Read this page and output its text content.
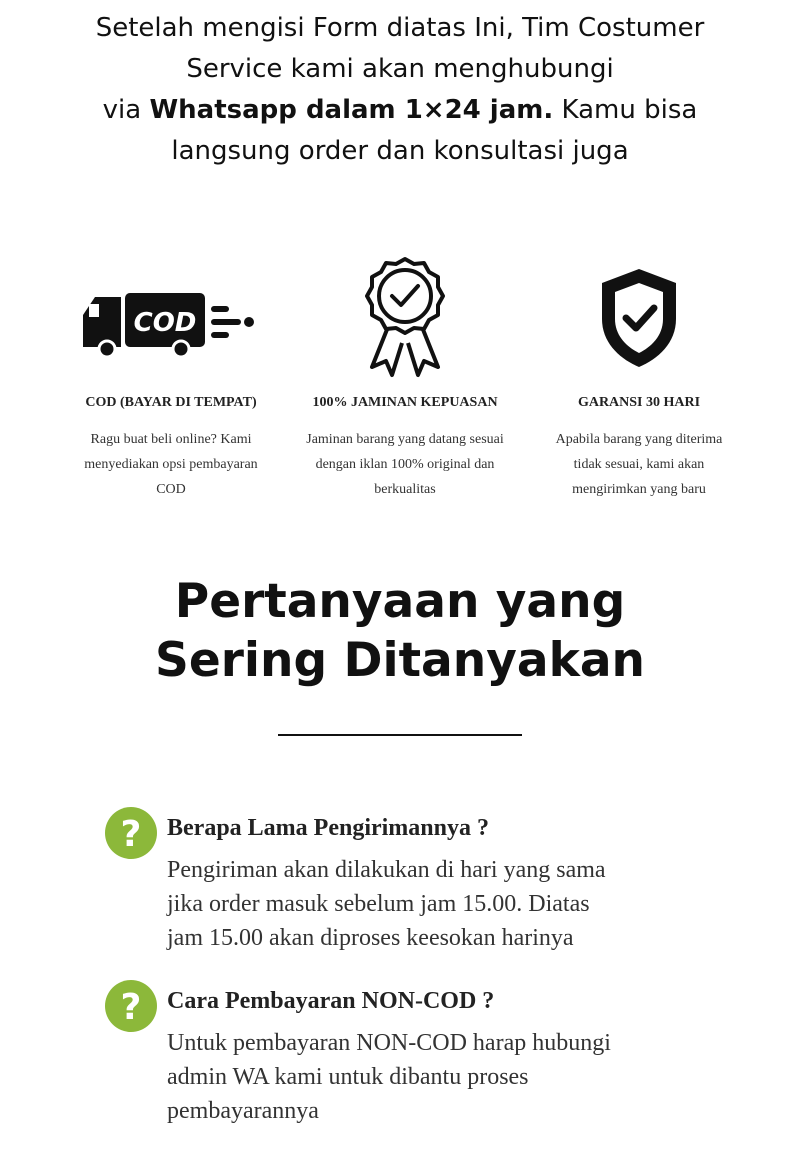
Setelah mengisi Form diatas Ini, Tim Costumer

Service kami akan menghubungi

via Whatsapp dalam 1×24 jam. Kamu bisa

langsung order dan konsultasi juga

COD
COD (BAYAR DI TEMPAT)
Ragu buat beli online? Kami
menyediakan opsi pembayaran
COD
100% JAMINAN KEPUASAN
Jaminan barang yang datang sesuai
dengan iklan 100% original dan
berkualitas
GARANSI 30 HARI
Apabila barang yang diterima
tidak sesuai, kami akan
mengirimkan yang baru

Pertanyaan yang

Sering Ditanyakan

? Berapa Lama Pengirimannya ?

Pengiriman akan dilakukan di hari yang sama

jika order masuk sebelum jam 15.00. Diatas

jam 15.00 akan diproses keesokan harinya

? Cara Pembayaran NON-COD ?

Untuk pembayaran NON-COD harap hubungi

admin WA kami untuk dibantu proses

pembayarannya
